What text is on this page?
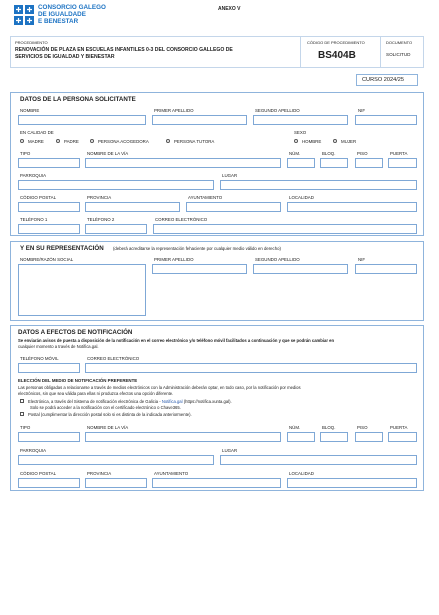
CONSORCIO GALEGO
DE IGUALDADE
E BENESTAR
ANEXO V
PROCEDIMENTO
RENOVACIÓN DE PLAZA EN ESCUELAS INFANTILES 0-3 DEL CONSORCIO GALLEGO DE
SERVICIOS DE IGUALDAD Y BIENESTAR
CÓDIGO DE PROCEDIMIENTO
BS404B
DOCUMENTO
SOLICITUD
CURSO 2024/25
DATOS DE LA PERSONA SOLICITANTE
NOMBRE	PRIMER APELLIDO	SEGUNDO APELLIDO	NIF
EN CALIDAD DE
MADRE	PADRE	PERSONA ACOGEDORA	PERSONA TUTORA
SEXO
HOMBRE	MUJER
TIPO	NOMBRE DE LA VÍA	NÚM.	BLOQ.	PISO	PUERTA
PARROQUIA	LUGAR
CÓDIGO POSTAL	PROVINCIA	AYUNTAMIENTO	LOCALIDAD
TELÉFONO 1	TELÉFONO 2	CORREO ELECTRÓNICO
Y EN SU REPRESENTACIÓN (deberá acreditarse la representación fehaciente por cualquier medio válido en derecho)
NOMBRE/RAZÓN SOCIAL	PRIMER APELLIDO	SEGUNDO APELLIDO	NIF
DATOS A EFECTOS DE NOTIFICACIÓN
Se enviarán avisos de puesta a disposición de la notificación en el correo electrónico y/o teléfono móvil facilitados a continuación y que se podrán cambiar en
cualquier momento a través de Notifica.gal.
TELÉFONO MÓVIL	CORREO ELECTRÓNICO
ELECCIÓN DEL MEDIO DE NOTIFICACIÓN PREFERENTE
Las personas obligadas a relacionarse a través de medios electrónicos con la Administración deberán optar, en todo caso, por la notificación por medios
electrónicos, sin que sea válida para ellas ni produzca efectos una opción diferente.
Electrónica, a través del Sistema de notificación electrónica de Galicia - Notifica.gal (https://notifica.xunta.gal).
Solo se podrá acceder a la notificación con el certificado electrónico o Chave365.
Postal (cumplimentar la dirección postal solo si es distinta de la indicada anteriormente).
TIPO	NOMBRE DE LA VÍA	NÚM.	BLOQ.	PISO	PUERTA
PARROQUIA	LUGAR
CÓDIGO POSTAL	PROVINCIA	AYUNTAMIENTO	LOCALIDAD
